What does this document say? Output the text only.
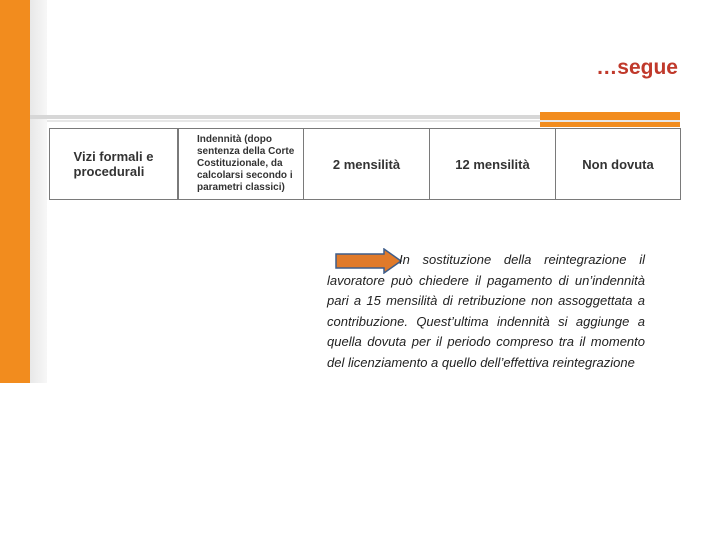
…segue
Vizi formali e
procedurali
Indennità (dopo
sentenza della Corte
Costituzionale, da
calcolarsi secondo i
parametri classici)
2 mensilità	12 mensilità	Non dovuta
In sostituzione della reintegrazione il lavoratore può chiedere il pagamento di un’indennità pari a 15 mensilità di retribuzione non assoggettata a contribuzione. Quest’ultima indennità si aggiunge a quella dovuta per il periodo compreso tra il momento del licenziamento a quello dell’effettiva reintegrazione
